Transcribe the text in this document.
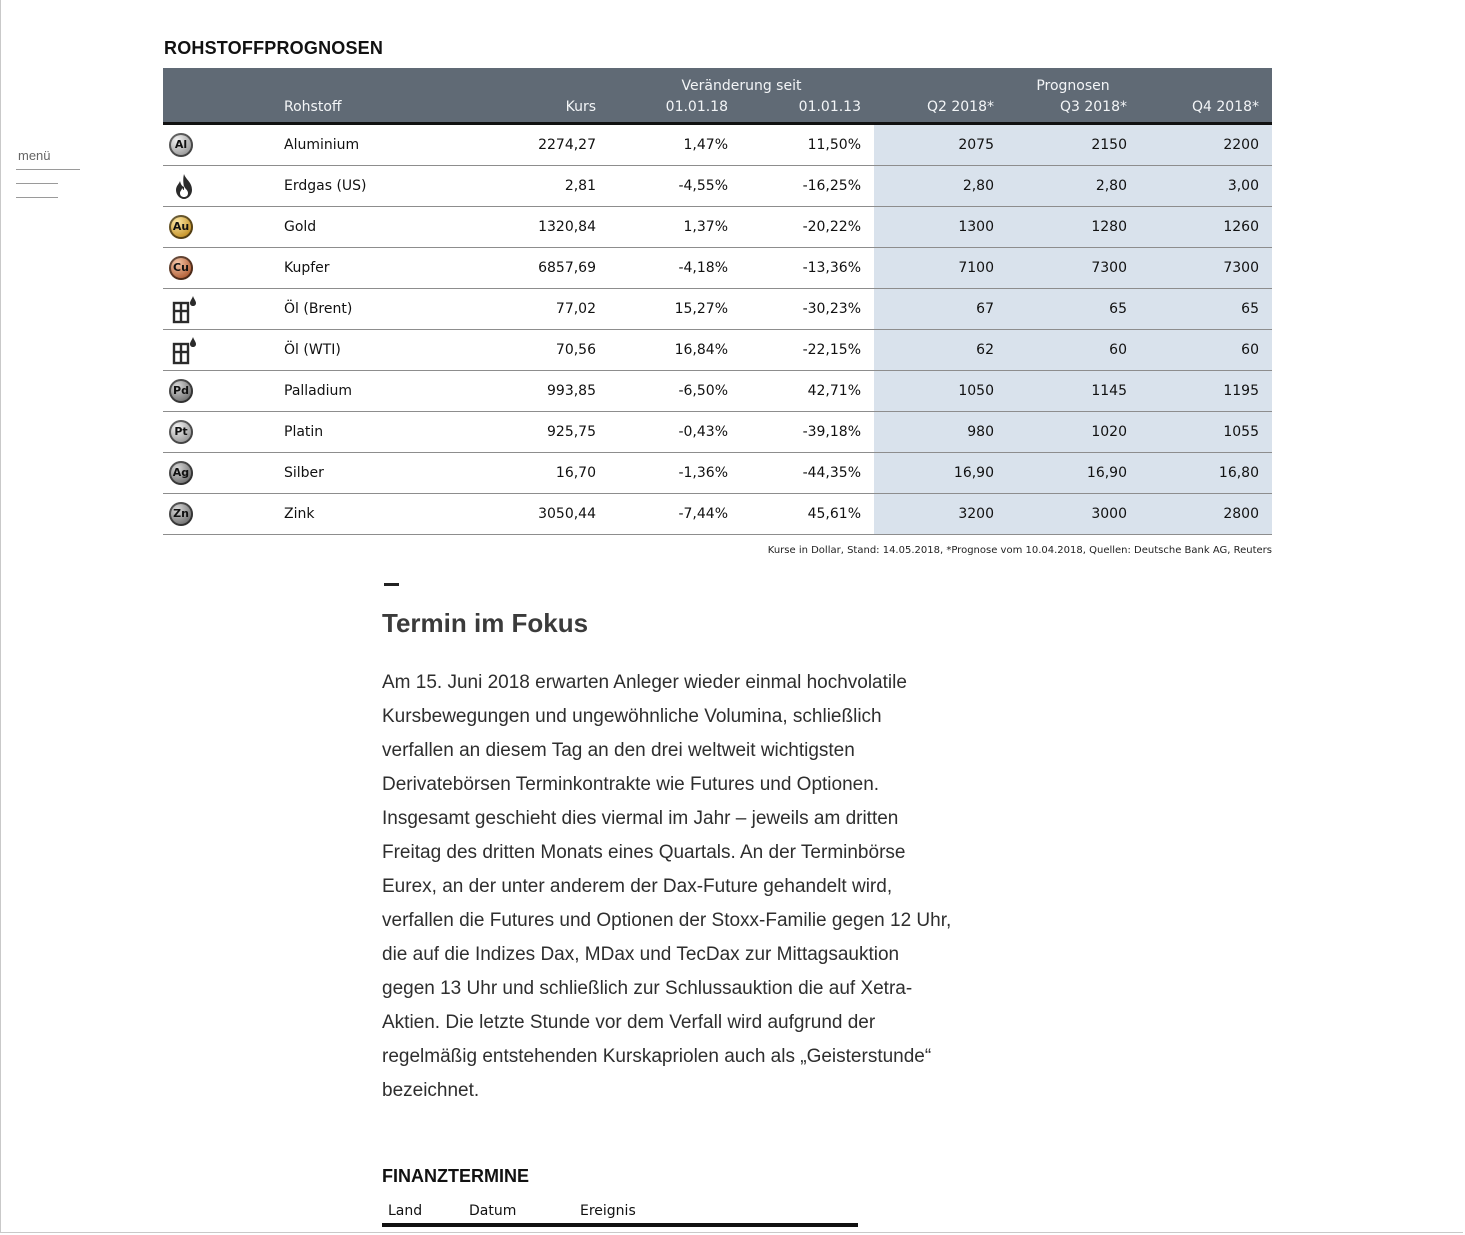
menü
ROHSTOFFPROGNOSEN
			Veränderung seit		Prognosen		
	Rohstoff	Kurs	01.01.18	01.01.13	Q2 2018*	Q3 2018*	Q4 2018*
Al	Aluminium	2274,27	1,47%	11,50%	2075	2150	2200
	Erdgas (US)	2,81	-4,55%	-16,25%	2,80	2,80	3,00
Au	Gold	1320,84	1,37%	-20,22%	1300	1280	1260
Cu	Kupfer	6857,69	-4,18%	-13,36%	7100	7300	7300
	Öl (Brent)	77,02	15,27%	-30,23%	67	65	65
	Öl (WTI)	70,56	16,84%	-22,15%	62	60	60
Pd	Palladium	993,85	-6,50%	42,71%	1050	1145	1195
Pt	Platin	925,75	-0,43%	-39,18%	980	1020	1055
Ag	Silber	16,70	-1,36%	-44,35%	16,90	16,90	16,80
Zn	Zink	3050,44	-7,44%	45,61%	3200	3000	2800

Kurse in Dollar, Stand: 14.05.2018, *Prognose vom 10.04.2018, Quellen: Deutsche Bank AG, Reuters

Termin im Fokus

Am 15. Juni 2018 erwarten Anleger wieder einmal hochvolatile Kursbewegungen und ungewöhnliche Volumina, schließlich verfallen an diesem Tag an den drei weltweit wichtigsten Derivatebörsen Terminkontrakte wie Futures und Optionen. Insgesamt geschieht dies viermal im Jahr – jeweils am dritten Freitag des dritten Monats eines Quartals. An der Terminbörse Eurex, an der unter anderem der Dax-Future gehandelt wird, verfallen die Futures und Optionen der Stoxx-Familie gegen 12 Uhr, die auf die Indizes Dax, MDax und TecDax zur Mittagsauktion gegen 13 Uhr und schließlich zur Schlussauktion die auf Xetra-Aktien. Die letzte Stunde vor dem Verfall wird aufgrund der regelmäßig entstehenden Kurskapriolen auch als „Geisterstunde“ bezeichnet.

FINANZTERMINE
Land	Datum	Ereignis
